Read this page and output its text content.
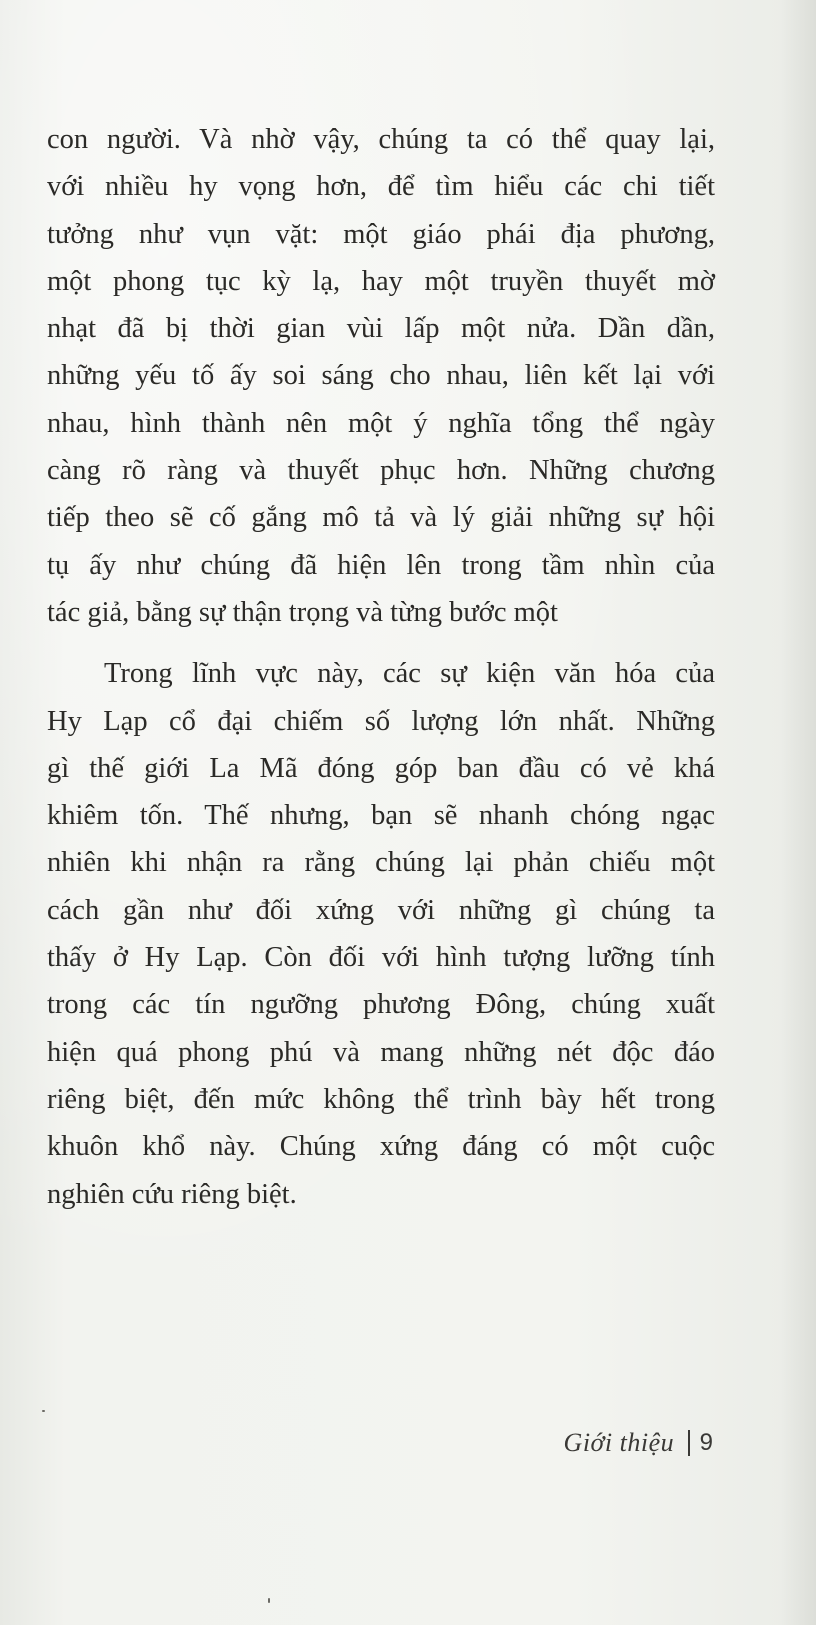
con người. Và nhờ vậy, chúng ta có thể quay lại,
với nhiều hy vọng hơn, để tìm hiểu các chi tiết
tưởng như vụn vặt: một giáo phái địa phương,
một phong tục kỳ lạ, hay một truyền thuyết mờ
nhạt đã bị thời gian vùi lấp một nửa. Dần dần,
những yếu tố ấy soi sáng cho nhau, liên kết lại với
nhau, hình thành nên một ý nghĩa tổng thể ngày
càng rõ ràng và thuyết phục hơn. Những chương
tiếp theo sẽ cố gắng mô tả và lý giải những sự hội
tụ ấy như chúng đã hiện lên trong tầm nhìn của
tác giả, bằng sự thận trọng và từng bước một

Trong lĩnh vực này, các sự kiện văn hóa của
Hy Lạp cổ đại chiếm số lượng lớn nhất. Những
gì thế giới La Mã đóng góp ban đầu có vẻ khá
khiêm tốn. Thế nhưng, bạn sẽ nhanh chóng ngạc
nhiên khi nhận ra rằng chúng lại phản chiếu một
cách gần như đối xứng với những gì chúng ta
thấy ở Hy Lạp. Còn đối với hình tượng lưỡng tính
trong các tín ngưỡng phương Đông, chúng xuất
hiện quá phong phú và mang những nét độc đáo
riêng biệt, đến mức không thể trình bày hết trong
khuôn khổ này. Chúng xứng đáng có một cuộc
nghiên cứu riêng biệt.

Giới thiệu 9
